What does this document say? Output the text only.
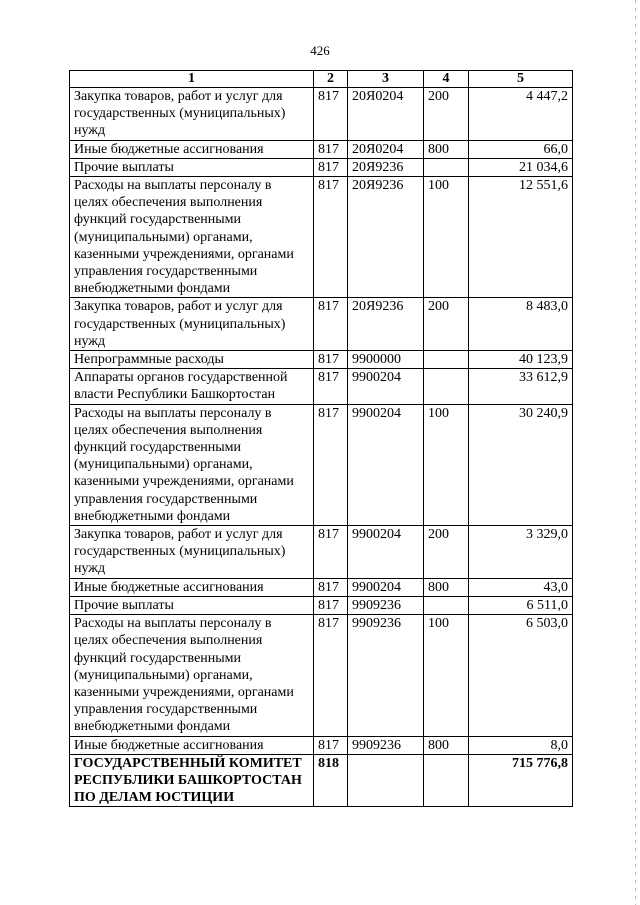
426
1	2	3	4	5
Закупка товаров, работ и услуг для государственных (муниципальных) нужд	817	20Я0204	200	4 447,2
Иные бюджетные ассигнования	817	20Я0204	800	66,0
Прочие выплаты	817	20Я9236		21 034,6
Расходы на выплаты персоналу в целях обеспечения выполнения функций государственными (муниципальными) органами, казенными учреждениями, органами управления государственными внебюджетными фондами	817	20Я9236	100	12 551,6
Закупка товаров, работ и услуг для государственных (муниципальных) нужд	817	20Я9236	200	8 483,0
Непрограммные расходы	817	9900000		40 123,9
Аппараты органов государственной власти Республики Башкортостан	817	9900204		33 612,9
Расходы на выплаты персоналу в целях обеспечения выполнения функций государственными (муниципальными) органами, казенными учреждениями, органами управления государственными внебюджетными фондами	817	9900204	100	30 240,9
Закупка товаров, работ и услуг для государственных (муниципальных) нужд	817	9900204	200	3 329,0
Иные бюджетные ассигнования	817	9900204	800	43,0
Прочие выплаты	817	9909236		6 511,0
Расходы на выплаты персоналу в целях обеспечения выполнения функций государственными (муниципальными) органами, казенными учреждениями, органами управления государственными внебюджетными фондами	817	9909236	100	6 503,0
Иные бюджетные ассигнования	817	9909236	800	8,0
ГОСУДАРСТВЕННЫЙ КОМИТЕТ РЕСПУБЛИКИ БАШКОРТОСТАН ПО ДЕЛАМ ЮСТИЦИИ	818			715 776,8
